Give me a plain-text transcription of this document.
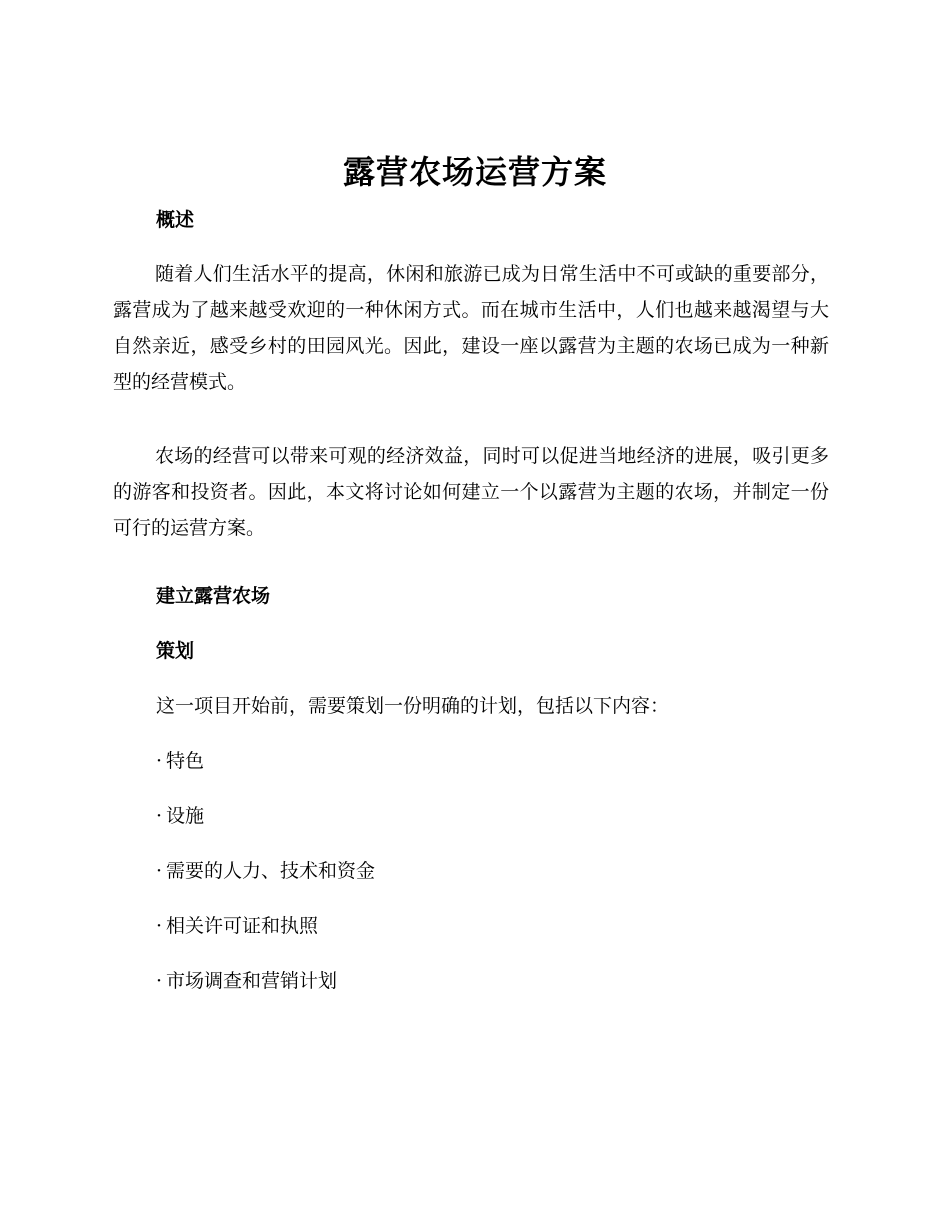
露营农场运营方案
概述

随着人们生活水平的提高，休闲和旅游已成为日常生活中不可或缺的重要部分，露营成为了越来越受欢迎的一种休闲方式。而在城市生活中，人们也越来越渴望与大自然亲近，感受乡村的田园风光。因此，建设一座以露营为主题的农场已成为一种新型的经营模式。

农场的经营可以带来可观的经济效益，同时可以促进当地经济的进展，吸引更多的游客和投资者。因此，本文将讨论如何建立一个以露营为主题的农场，并制定一份可行的运营方案。

建立露营农场
策划

这一项目开始前，需要策划一份明确的计划，包括以下内容：

· 特色

· 设施

· 需要的人力、技术和资金

· 相关许可证和执照

· 市场调查和营销计划
